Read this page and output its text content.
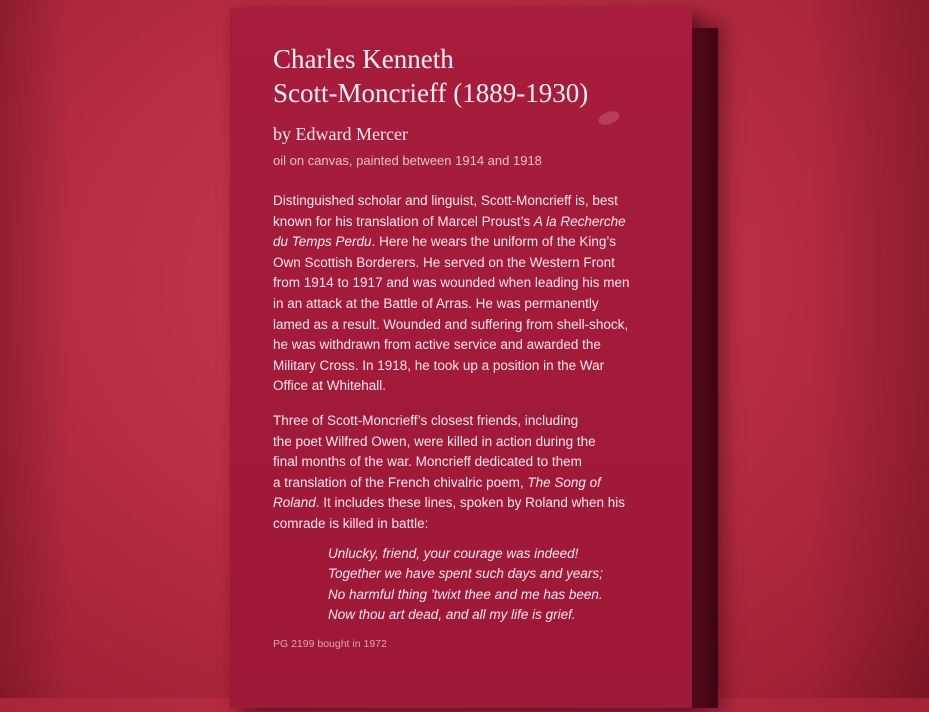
Charles Kenneth
Scott-Moncrieff (1889-1930)
by Edward Mercer
oil on canvas, painted between 1914 and 1918
Distinguished scholar and linguist, Scott-Moncrieff is, best
known for his translation of Marcel Proust’s A la Recherche
du Temps Perdu. Here he wears the uniform of the King’s
Own Scottish Borderers. He served on the Western Front
from 1914 to 1917 and was wounded when leading his men
in an attack at the Battle of Arras. He was permanently
lamed as a result. Wounded and suffering from shell-shock,
he was withdrawn from active service and awarded the
Military Cross. In 1918, he took up a position in the War
Office at Whitehall.
Three of Scott-Moncrieff’s closest friends, including
the poet Wilfred Owen, were killed in action during the
final months of the war. Moncrieff dedicated to them
a translation of the French chivalric poem, The Song of
Roland. It includes these lines, spoken by Roland when his
comrade is killed in battle:
Unlucky, friend, your courage was indeed!
Together we have spent such days and years;
No harmful thing ’twixt thee and me has been.
Now thou art dead, and all my life is grief.
PG 2199 bought in 1972
